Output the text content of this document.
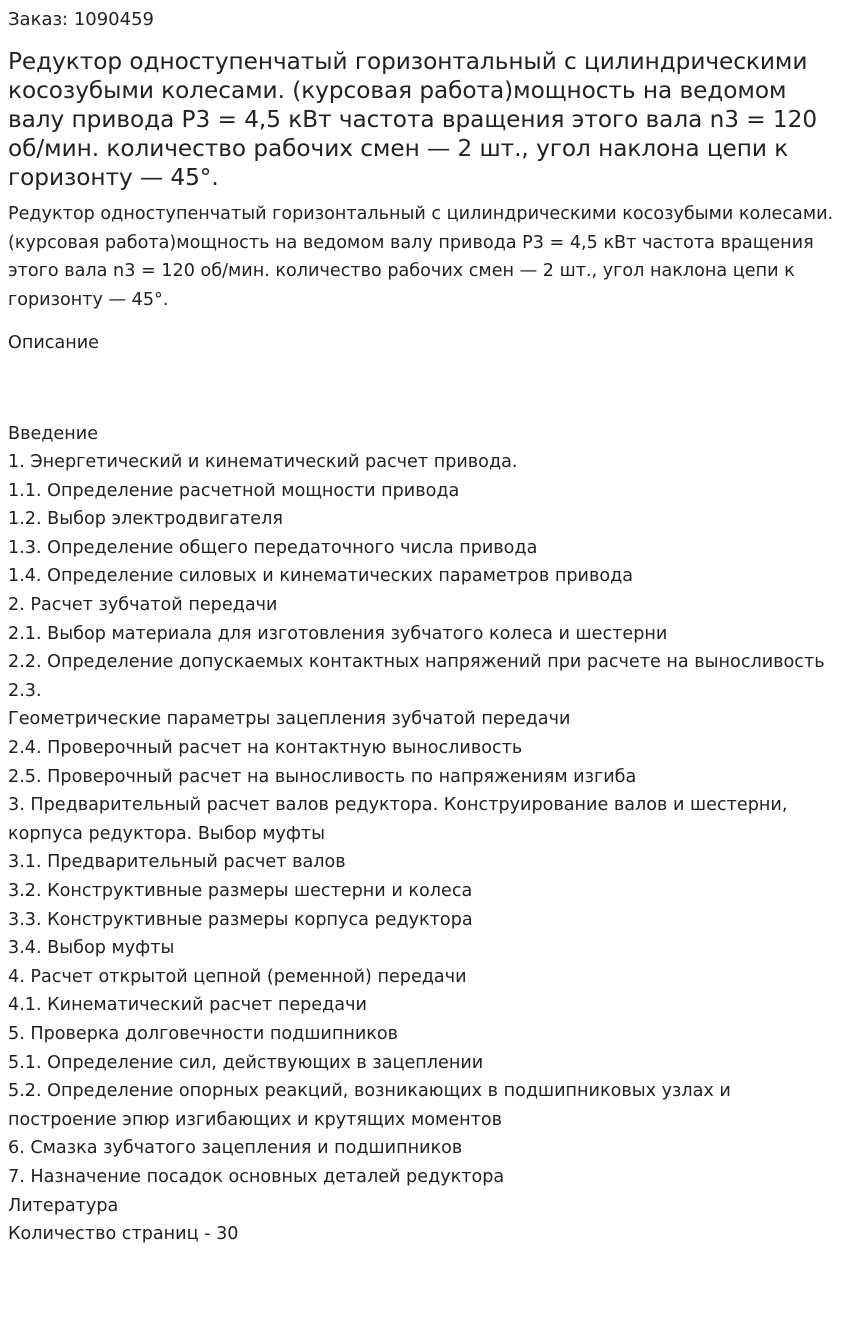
Заказ: 1090459
Редуктор одноступенчатый горизонтальный с цилиндрическими косозубыми колесами. (курсовая работа)мощность на ведомом валу привода Р3 = 4,5 кВт частота вращения этого вала n3 = 120 об/мин. количество рабочих смен — 2 шт., угол наклона цепи к горизонту — 45°.
Редуктор одноступенчатый горизонтальный с цилиндрическими косозубыми колесами. (курсовая работа)мощность на ведомом валу привода Р3 = 4,5 кВт частота вращения этого вала n3 = 120 об/мин. количество рабочих смен — 2 шт., угол наклона цепи к горизонту — 45°.
Описание
Введение
1. Энергетический и кинематический расчет привода.
1.1. Определение расчетной мощности привода
1.2. Выбор электродвигателя
1.3. Определение общего передаточного числа привода
1.4. Определение силовых и кинематических параметров привода
2. Расчет зубчатой передачи
2.1. Выбор материала для изготовления зубчатого колеса и шестерни
2.2. Определение допускаемых контактных напряжений при расчете на выносливость
2.3.
Геометрические параметры зацепления зубчатой передачи
2.4. Проверочный расчет на контактную выносливость
2.5. Проверочный расчет на выносливость по напряжениям изгиба
3. Предварительный расчет валов редуктора. Конструирование валов и шестерни, корпуса редуктора. Выбор муфты
3.1. Предварительный расчет валов
3.2. Конструктивные размеры шестерни и колеса
3.3. Конструктивные размеры корпуса редуктора
3.4. Выбор муфты
4. Расчет открытой цепной (ременной) передачи
4.1. Кинематический расчет передачи
5. Проверка долговечности подшипников
5.1. Определение сил, действующих в зацеплении
5.2. Определение опорных реакций, возникающих в подшипниковых узлах и построение эпюр изгибающих и крутящих моментов
6. Смазка зубчатого зацепления и подшипников
7. Назначение посадок основных деталей редуктора
Литература
Количество страниц - 30
